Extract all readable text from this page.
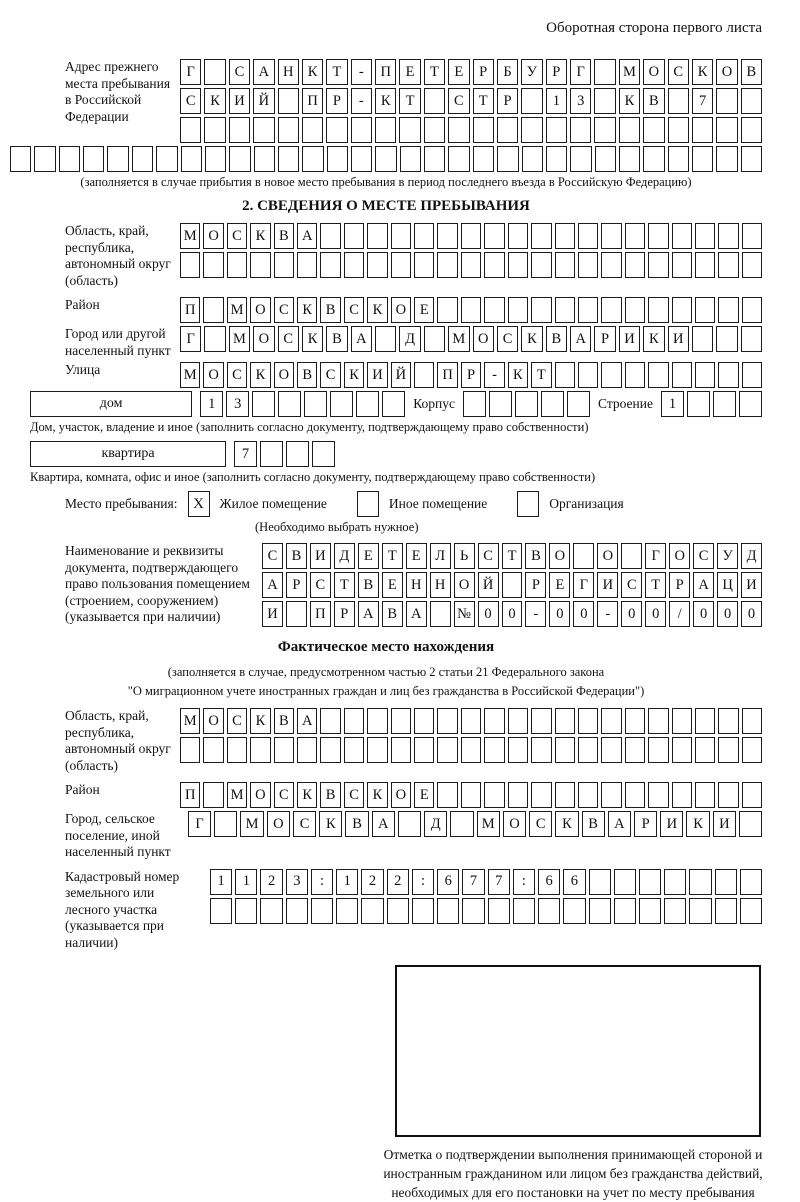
Оборотная сторона первого листа
Адрес прежнего места пребывания в Российской Федерации
Г	С А Н К	Т	-	П	Е	Т	Е	Р	Б	У	Р	Г	М О С	К О В
С	К И Й	П	Р	-	К	Т	С	Т	Р	1	3	К	В	7
(заполняется в случае прибытия в новое место пребывания в период последнего въезда в Российскую Федерацию)
2. СВЕДЕНИЯ О МЕСТЕ ПРЕБЫВАНИЯ
Область, край, республика, автономный округ (область)
М О С К В А
Район	П	М О С К В С К О Е
Город или другой населенный пункт
Г	М О С	К	В А	Д	М О С	К	В А	Р	И К И
Улица	М О С К О В С К И Й	П Р	-	К Т
дом	1	3	Корпус	Строение	1
Дом, участок, владение и иное (заполнить согласно документу, подтверждающему право собственности)
квартира	7
Квартира, комната, офис и иное (заполнить согласно документу, подтверждающему право собственности)
Место пребывания:	X	Жилое помещение	Иное помещение	Организация
(Необходимо выбрать нужное)
Наименование и реквизиты документа, подтверждающего право пользования помещением (строением, сооружением) (указывается при наличии)
С В И Д	Е	Т	Е	Л	Ь	С	Т	В О	О	Г	О С У Д
А	Р	С	Т	В	Е Н Н О Й	Р	Е	Г	И С	Т	Р	А Ц И
И	П	Р	А В А	№ 0	0	-	0	0	-	0	0	/	0	0	0
Фактическое место нахождения
(заполняется в случае, предусмотренном частью 2 статьи 21 Федерального закона
"О миграционном учете иностранных граждан и лиц без гражданства в Российской Федерации")
Область, край, республика, автономный округ (область)
М О С К В А
Район	П	М О С К В С К О Е
Город, сельское поселение, иной населенный пункт
Г	М	О	С	К	В	А	Д	М	О	С	К	В	А	Р	И	К	И
Кадастровый номер земельного или лесного участка (указывается при наличии)
1	1	2	3	:	1	2	2	:	6	7	7	:	6	6
Отметка о подтверждении выполнения принимающей стороной и иностранным гражданином или лицом без гражданства действий, необходимых для его постановки на учет по месту пребывания
